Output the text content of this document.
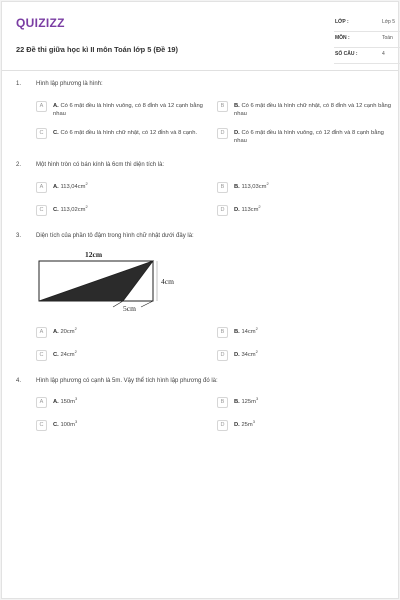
QUIZIZZ
22 Đề thi giữa học kì II môn Toán lớp 5 (Đề 19)
LỚP :	Lớp 5
MÔN :	Toán
SỐ CÂU :	4
1. Hình lập phương là hình:
A	A. Có 6 mặt đều là hình vuông, có 8 đỉnh và 12 cạnh bằng nhau
B	B. Có 6 mặt đều là hình chữ nhật, có 8 đỉnh và 12 cạnh bằng nhau
C	C. Có 6 mặt đều là hình chữ nhật, có 12 đỉnh và 8 cạnh.	D	D. Có 6 mặt đều là hình vuông, có 12 đỉnh và 8 cạnh bằng nhau
2. Một hình tròn có bán kính là 6cm thì diện tích là:
A	A. $113,04cm^2$
B	B. $113,03cm^2$
C	C. $113,02cm^2$
D	D. $113cm^2$
3. Diện tích của phần tô đậm trong hình chữ nhật dưới đây là:
A	A. $20cm^2$
B	B. $14cm^2$
C	C. $24cm^2$
D	D. $34cm^2$
12cm
4cm
5cm
4. Hình lập phương có cạnh là 5m. Vậy thể tích hình lập phương đó là:
A	A. $150m^3$
B	B. $125m^3$
C	C. $100m^3$
D	D. $25m^3$
